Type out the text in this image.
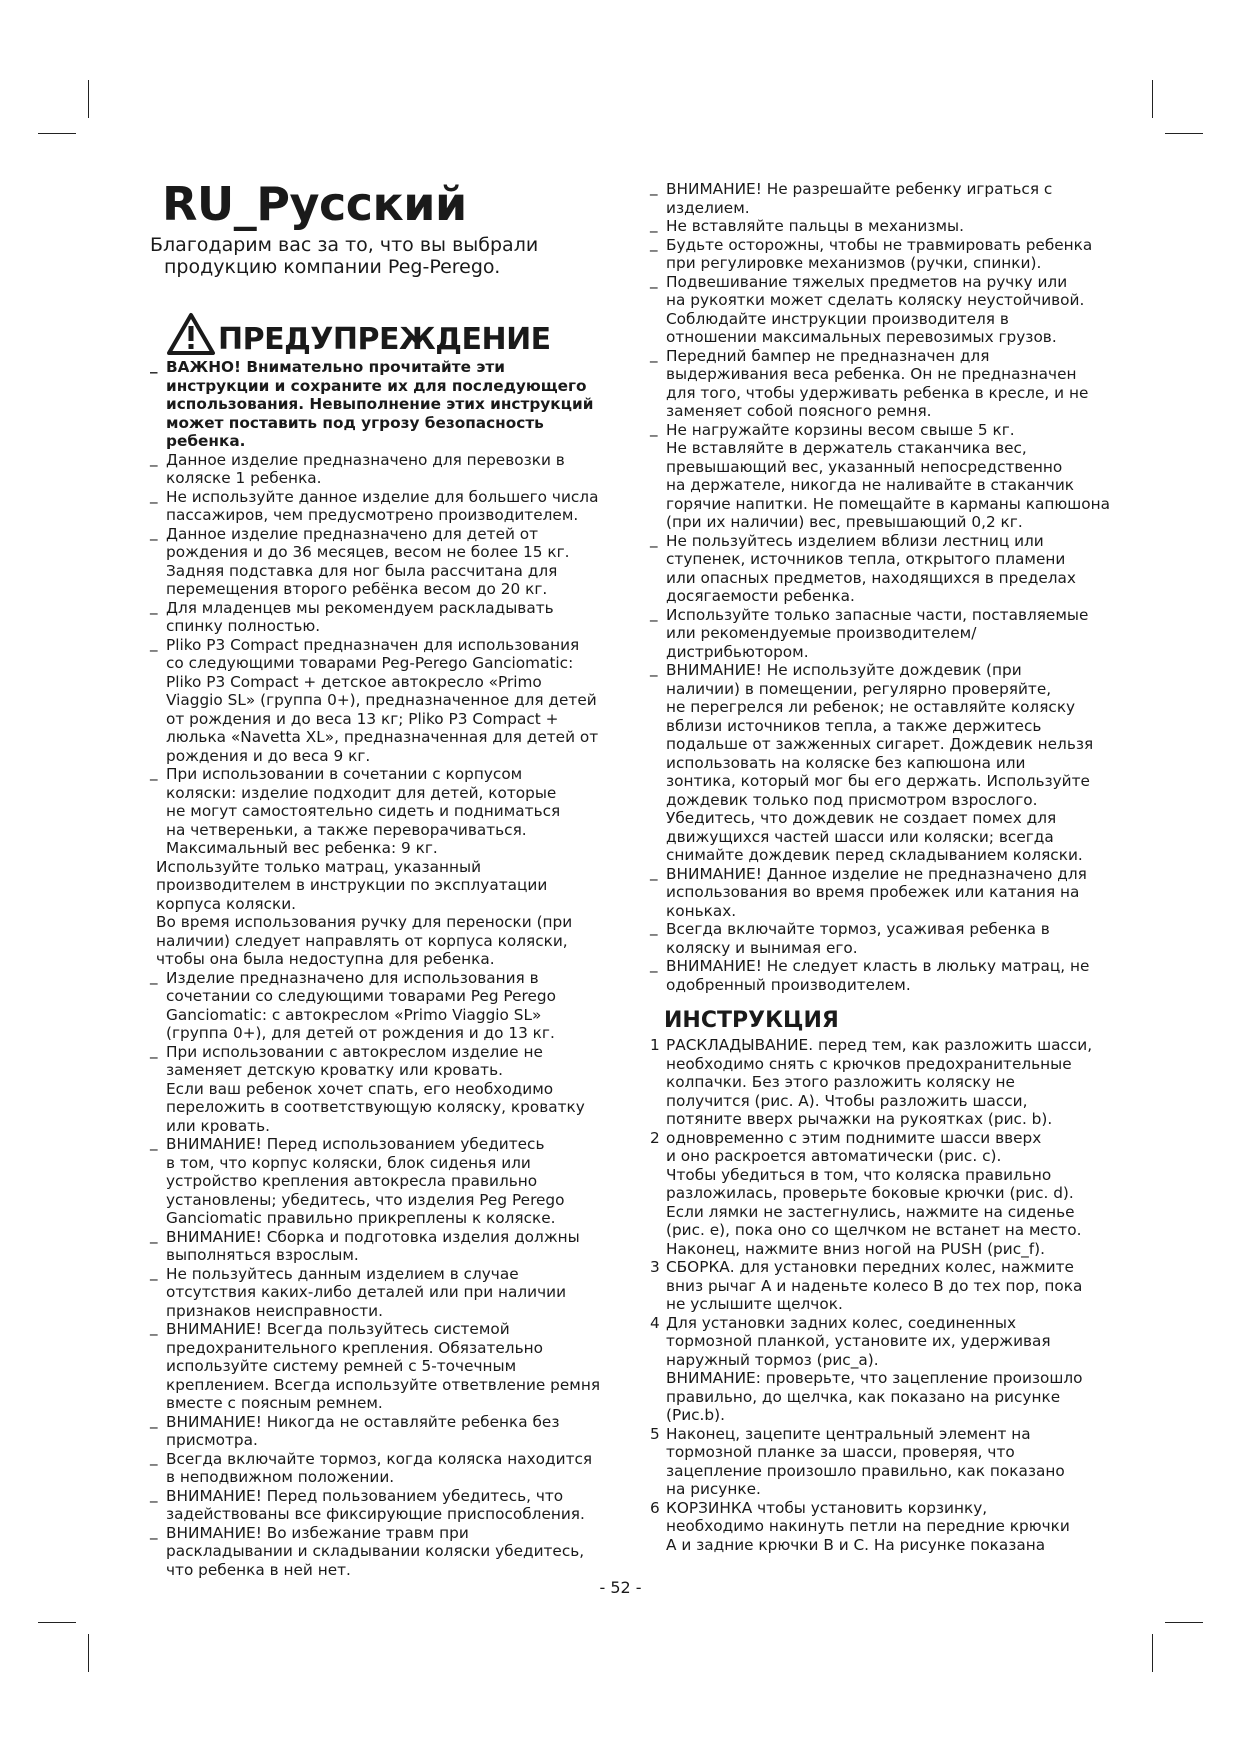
RU_Русский
Благодарим вас за то, что вы выбрали
продукцию компании Peg-Perego.
ПРЕДУПРЕЖДЕНИЕ
_ ВАЖНО! Внимательно прочитайте эти
инструкции и сохраните их для последующего
использования. Невыполнение этих инструкций
может поставить под угрозу безопасность
ребенка.
_ Данное изделие предназначено для перевозки в
коляске 1 ребенка.
_ Не используйте данное изделие для большего числа
пассажиров, чем предусмотрено производителем.
_ Данное изделие предназначено для детей от
рождения и до 36 месяцев, весом не более 15 кг.
Задняя подставка для ног была рассчитана для
перемещения второго ребёнка весом до 20 кг.
_ Для младенцев мы рекомендуем раскладывать
спинку полностью.
_ Pliko P3 Compact предназначен для использования
со следующими товарами Peg-Perego Ganciomatic:
Pliko P3 Compact + детское автокресло «Primo
Viaggio SL» (группа 0+), предназначенное для детей
от рождения и до веса 13 кг; Pliko P3 Compact +
люлька «Navetta XL», предназначенная для детей от
рождения и до веса 9 кг.
_ При использовании в сочетании с корпусом
коляски: изделие подходит для детей, которые
не могут самостоятельно сидеть и подниматься
на четвереньки, а также переворачиваться.
Максимальный вес ребенка: 9 кг.
Используйте только матрац, указанный
производителем в инструкции по эксплуатации
корпуса коляски.
Во время использования ручку для переноски (при
наличии) следует направлять от корпуса коляски,
чтобы она была недоступна для ребенка.
_ Изделие предназначено для использования в
сочетании со следующими товарами Peg Perego
Ganciomatic: с автокреслом «Primo Viaggio SL»
(группа 0+), для детей от рождения и до 13 кг.
_ При использовании с автокреслом изделие не
заменяет детскую кроватку или кровать.
Если ваш ребенок хочет спать, его необходимо
переложить в соответствующую коляску, кроватку
или кровать.
_ ВНИМАНИЕ! Перед использованием убедитесь
в том, что корпус коляски, блок сиденья или
устройство крепления автокресла правильно
установлены; убедитесь, что изделия Peg Perego
Ganciomatic правильно прикреплены к коляске.
_ ВНИМАНИЕ! Сборка и подготовка изделия должны
выполняться взрослым.
_ Не пользуйтесь данным изделием в случае
отсутствия каких-либо деталей или при наличии
признаков неисправности.
_ ВНИМАНИЕ! Всегда пользуйтесь системой
предохранительного крепления. Обязательно
используйте систему ремней с 5-точечным
креплением. Всегда используйте ответвление ремня
вместе с поясным ремнем.
_ ВНИМАНИЕ! Никогда не оставляйте ребенка без
присмотра.
_ Всегда включайте тормоз, когда коляска находится
в неподвижном положении.
_ ВНИМАНИЕ! Перед пользованием убедитесь, что
задействованы все фиксирующие приспособления.
_ ВНИМАНИЕ! Во избежание травм при
раскладывании и складывании коляски убедитесь,
что ребенка в ней нет.
_ ВНИМАНИЕ! Не разрешайте ребенку играться с
изделием.
_ Не вставляйте пальцы в механизмы.
_ Будьте осторожны, чтобы не травмировать ребенка
при регулировке механизмов (ручки, спинки).
_ Подвешивание тяжелых предметов на ручку или
на рукоятки может сделать коляску неустойчивой.
Соблюдайте инструкции производителя в
отношении максимальных перевозимых грузов.
_ Передний бампер не предназначен для
выдерживания веса ребенка. Он не предназначен
для того, чтобы удерживать ребенка в кресле, и не
заменяет собой поясного ремня.
_ Не нагружайте корзины весом свыше 5 кг.
Не вставляйте в держатель стаканчика вес,
превышающий вес, указанный непосредственно
на держателе, никогда не наливайте в стаканчик
горячие напитки. Не помещайте в карманы капюшона
(при их наличии) вес, превышающий 0,2 кг.
_ Не пользуйтесь изделием вблизи лестниц или
ступенек, источников тепла, открытого пламени
или опасных предметов, находящихся в пределах
досягаемости ребенка.
_ Используйте только запасные части, поставляемые
или рекомендуемые производителем/
дистрибьютором.
_ ВНИМАНИЕ! Не используйте дождевик (при
наличии) в помещении, регулярно проверяйте,
не перегрелся ли ребенок; не оставляйте коляску
вблизи источников тепла, а также держитесь
подальше от зажженных сигарет. Дождевик нельзя
использовать на коляске без капюшона или
зонтика, который мог бы его держать. Используйте
дождевик только под присмотром взрослого.
Убедитесь, что дождевик не создает помех для
движущихся частей шасси или коляски; всегда
снимайте дождевик перед складыванием коляски.
_ ВНИМАНИЕ! Данное изделие не предназначено для
использования во время пробежек или катания на
коньках.
_ Всегда включайте тормоз, усаживая ребенка в
коляску и вынимая его.
_ ВНИМАНИЕ! Не следует класть в люльку матрац, не
одобренный производителем.
ИНСТРУКЦИЯ
1 РАСКЛАДЫВАНИЕ. перед тем, как разложить шасси,
необходимо снять с крючков предохранительные
колпачки. Без этого разложить коляску не
получится (рис. A). Чтобы разложить шасси,
потяните вверх рычажки на рукоятках (рис. b).
2 одновременно с этим поднимите шасси вверх
и оно раскроется автоматически (рис. c).
Чтобы убедиться в том, что коляска правильно
разложилась, проверьте боковые крючки (рис. d).
Если лямки не застегнулись, нажмите на сиденье
(рис. e), пока оно со щелчком не встанет на место.
Наконец, нажмите вниз ногой на PUSH (рис_f).
3 СБОРКА. для установки передних колес, нажмите
вниз рычаг A и наденьте колесо B до тех пор, пока
не услышите щелчок.
4 Для установки задних колес, соединенных
тормозной планкой, установите их, удерживая
наружный тормоз (рис_a).
ВНИМАНИЕ: проверьте, что зацепление произошло
правильно, до щелчка, как показано на рисунке
(Рис.b).
5 Наконец, зацепите центральный элемент на
тормозной планке за шасси, проверяя, что
зацепление произошло правильно, как показано
на рисунке.
6 КОРЗИНКА чтобы установить корзинку,
необходимо накинуть петли на передние крючки
A и задние крючки B и C. На рисунке показана
- 52 -
